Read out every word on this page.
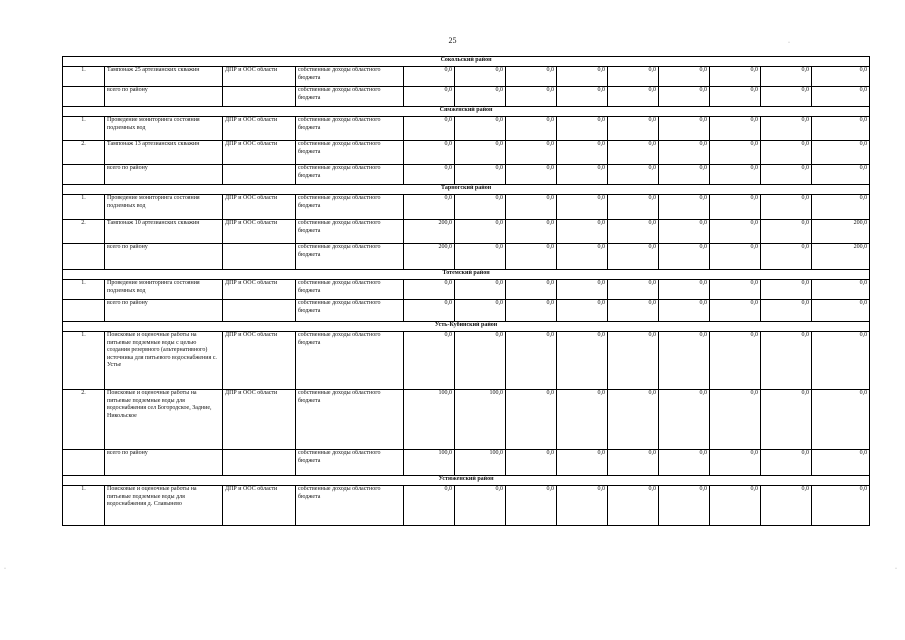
25	·
·	·
Сокольский район												
1.	Тампонаж 25 артезианских скважин	ДПР и ООС области	собственные доходы областного бюджета	0,0	0,0	0,0	0,0	0,0	0,0	0,0	0,0	0,0
	всего по району		собственные доходы областного бюджета	0,0	0,0	0,0	0,0	0,0	0,0	0,0	0,0	0,0
Сямженский район												
1.	Проведение мониторинга состояния подземных вод	ДПР и ООС области	собственные доходы областного бюджета	0,0	0,0	0,0	0,0	0,0	0,0	0,0	0,0	0,0
2.	Тампонаж 13 артезианских скважин	ДПР и ООС области	собственные доходы областного бюджета	0,0	0,0	0,0	0,0	0,0	0,0	0,0	0,0	0,0
	всего по району		собственные доходы областного бюджета	0,0	0,0	0,0	0,0	0,0	0,0	0,0	0,0	0,0
Тарногский район												
1.	Проведение мониторинга состояния подземных вод	ДПР и ООС области	собственные доходы областного бюджета	0,0	0,0	0,0	0,0	0,0	0,0	0,0	0,0	0,0
2.	Тампонаж 10 артезианских скважин	ДПР и ООС области	собственные доходы областного бюджета	200,0	0,0	0,0	0,0	0,0	0,0	0,0	0,0	200,0
	всего по району		собственные доходы областного бюджета	200,0	0,0	0,0	0,0	0,0	0,0	0,0	0,0	200,0
Тотемский район												
1.	Проведение мониторинга состояния подземных вод	ДПР и ООС области	собственные доходы областного бюджета	0,0	0,0	0,0	0,0	0,0	0,0	0,0	0,0	0,0
	всего по району		собственные доходы областного бюджета	0,0	0,0	0,0	0,0	0,0	0,0	0,0	0,0	0,0
Усть-Кубинский район												
1.	Поисковые и оценочные работы на питьевые подземные воды с целью создания резервного (альтернативного) источника для питьевого водоснабжения с. Устье	ДПР и ООС области	собственные доходы областного бюджета	0,0	0,0	0,0	0,0	0,0	0,0	0,0	0,0	0,0
2.	Поисковые и оценочные работы на питьевые подземные воды для водоснабжения сел Богородское, Задние, Никольское	ДПР и ООС области	собственные доходы областного бюджета	100,0	100,0	0,0	0,0	0,0	0,0	0,0	0,0	0,0
	всего по району		собственные доходы областного бюджета	100,0	100,0	0,0	0,0	0,0	0,0	0,0	0,0	0,0
Устюженский район												
1.	Поисковые и оценочные работы на питьевые подземные воды для водоснабжения д. Славынево	ДПР и ООС области	собственные доходы областного бюджета	0,0	0,0	0,0	0,0	0,0	0,0	0,0	0,0	0,0
